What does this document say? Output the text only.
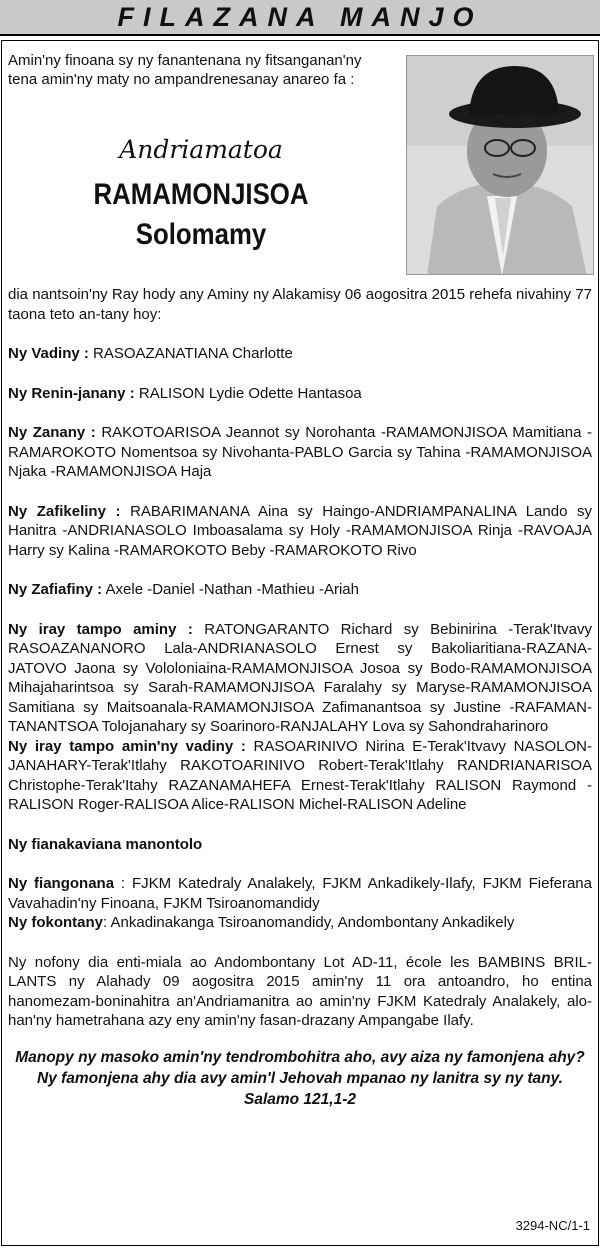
FILAZANA MANJO
Amin'ny finoana sy ny fanantenana ny fitsanganan'ny tena amin'ny maty no ampandrenesanay anareo fa :
Andriamatoa
RAMAMONJISOA
Solomamy

dia nantsoin'ny Ray hody any Aminy ny Alakamisy 06 aogositra 2015 rehefa nivahiny 77 taona teto an-tany hoy:

Ny Vadiny : RASOAZANATIANA Charlotte

Ny Renin-janany : RALISON Lydie Odette Hantasoa

Ny Zanany : RAKOTOARISOA Jeannot sy Norohanta -RAMAMONJISOA Mamitiana -RAMAROKOTO Nomentsoa sy Nivohanta-PABLO Garcia sy Tahina -RAMAMONJISOA Njaka -RAMAMONJISOA Haja

Ny Zafikeliny : RABARIMANANA Aina sy Haingo-ANDRIAMPANALINA Lando sy Hanitra -ANDRIANASOLO Imboasalama sy Holy -RAMAMONJISOA Rinja -RAVOAJA Harry sy Kalina -RAMAROKOTO Beby -RAMAROKOTO Rivo

Ny Zafiafiny : Axele -Daniel -Nathan -Mathieu -Ariah

Ny iray tampo aminy : RATONGARANTO Richard sy Bebinirina -Terak'Itvavy RASOAZANANORO Lala-ANDRIANASOLO Ernest sy Bakoliaritiana-RAZANA-JATOVO Jaona sy Vololoniaina-RAMAMONJISOA Josoa sy Bodo-RAMAMONJISOA Mihajaharintsoa sy Sarah-RAMAMONJISOA Faralahy sy Maryse-RAMAMONJISOA Samitiana sy Maitsoanala-RAMAMONJISOA Zafimanantsoa sy Justine -RAFAMAN-TANANTSOA Tolojanahary sy Soarinoro-RANJALAHY Lova sy Sahondraharinoro

Ny iray tampo amin'ny vadiny : RASOARINIVO Nirina E-Terak'Itvavy NASOLON-JANAHARY-Terak'Itlahy RAKOTOARINIVO Robert-Terak'Itlahy RANDRIANARISOA Christophe-Terak'Itahy RAZANAMAHEFA Ernest-Terak'Itlahy RALISON Raymond -RALISON Roger-RALISOA Alice-RALISON Michel-RALISON Adeline

Ny fianakaviana manontolo

Ny fiangonana : FJKM Katedraly Analakely, FJKM Ankadikely-Ilafy, FJKM Fieferana Vavahadin'ny Finoana, FJKM Tsiroanomandidy

Ny fokontany: Ankadinakanga Tsiroanomandidy, Andombontany Ankadikely

Ny nofony dia enti-miala ao Andombontany Lot AD-11, école les BAMBINS BRIL-LANTS ny Alahady 09 aogositra 2015 amin'ny 11 ora antoandro, ho entina hanomezam-boninahitra an'Andriamanitra ao amin'ny FJKM Katedraly Analakely, alo-han'ny hametrahana azy eny amin'ny fasan-drazany Ampangabe Ilafy.

Manopy ny masoko amin'ny tendrombohitra aho, avy aiza ny famonjena ahy?
Ny famonjena ahy dia avy amin'l Jehovah mpanao ny lanitra sy ny tany.
Salamo 121,1-2
3294-NC/1-1
